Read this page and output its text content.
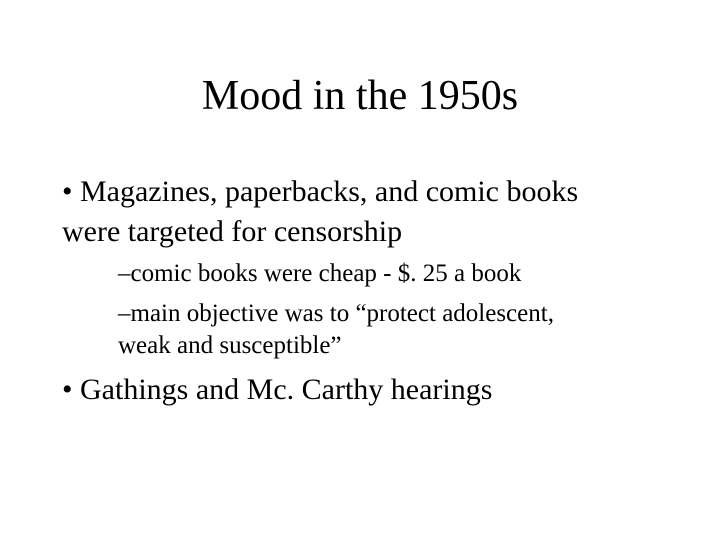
Mood in the 1950s
• Magazines, paperbacks, and comic books
were targeted for censorship
–comic books were cheap - $. 25 a book
–main objective was to “protect adolescent,
weak and susceptible”
• Gathings and Mc. Carthy hearings
